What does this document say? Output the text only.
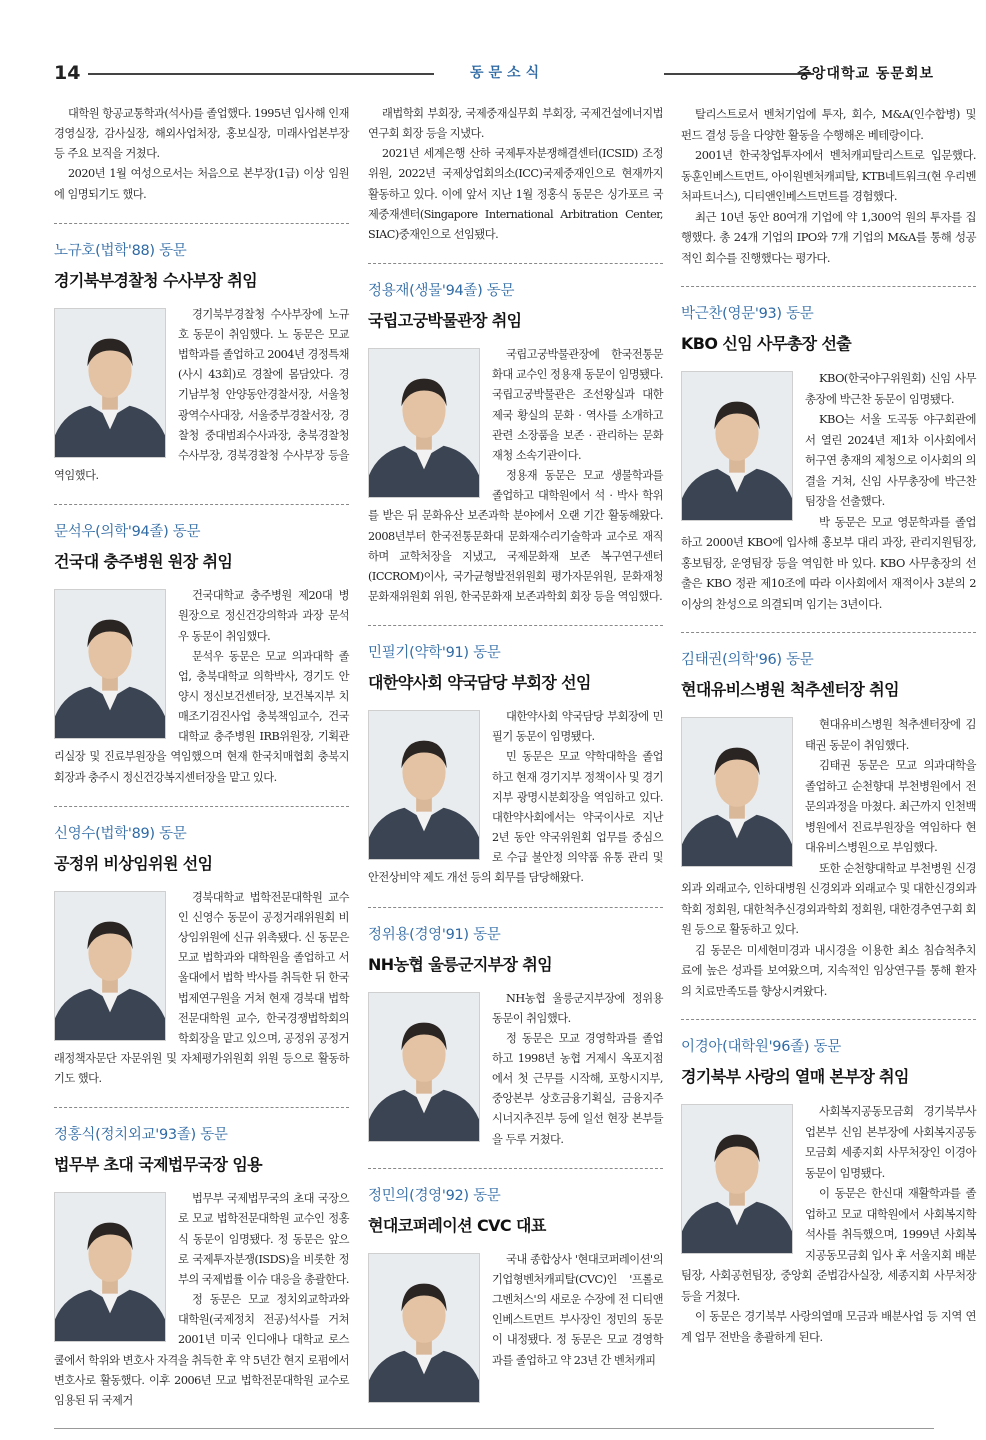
14	동문소식	중앙대학교 동문회보

대학원 항공교통학과(석사)를 졸업했다. 1995년 입사해 인재경영실장, 감사실장, 해외사업처장, 홍보실장, 미래사업본부장 등 주요 보직을 거쳤다.

2020년 1월 여성으로서는 처음으로 본부장(1급) 이상 임원에 임명되기도 했다.

노규호(법학'88) 동문
경기북부경찰청 수사부장 취임

경기북부경찰청 수사부장에 노규호 동문이 취임했다. 노 동문은 모교 법학과를 졸업하고 2004년 경정특채(사시 43회)로 경찰에 몸담았다. 경기남부청 안양동안경찰서장, 서울청 광역수사대장, 서울중부경찰서장, 경찰청 중대범죄수사과장, 충북경찰청 수사부장, 경북경찰청 수사부장 등을 역임했다.

문석우(의학'94졸) 동문
건국대 충주병원 원장 취임

건국대학교 충주병원 제20대 병원장으로 정신건강의학과 과장 문석우 동문이 취임했다.

문석우 동문은 모교 의과대학 졸업, 충북대학교 의학박사, 경기도 안양시 정신보건센터장, 보건복지부 치매조기검진사업 충북책임교수, 건국대학교 충주병원 IRB위원장, 기획관리실장 및 진료부원장을 역임했으며 현재 한국치매협회 충북지회장과 충주시 정신건강복지센터장을 맡고 있다.

신영수(법학'89) 동문
공정위 비상임위원 선임

경북대학교 법학전문대학원 교수인 신영수 동문이 공정거래위원회 비상임위원에 신규 위촉됐다. 신 동문은 모교 법학과와 대학원을 졸업하고 서울대에서 법학 박사를 취득한 뒤 한국법제연구원을 거쳐 현재 경북대 법학전문대학원 교수, 한국경쟁법학회의 학회장을 맡고 있으며, 공정위 공정거래정책자문단 자문위원 및 자체평가위원회 위원 등으로 활동하기도 했다.

정홍식(정치외교'93졸) 동문
법무부 초대 국제법무국장 임용

법무부 국제법무국의 초대 국장으로 모교 법학전문대학원 교수인 정홍식 동문이 임명됐다. 정 동문은 앞으로 국제투자분쟁(ISDS)을 비롯한 정부의 국제법률 이슈 대응을 총괄한다.

정 동문은 모교 정치외교학과와 대학원(국제정치 전공)석사를 거쳐 2001년 미국 인디애나 대학교 로스쿨에서 학위와 변호사 자격을 취득한 후 약 5년간 현지 로펌에서 변호사로 활동했다. 이후 2006년 모교 법학전문대학원 교수로 임용된 뒤 국제거

래법학회 부회장, 국제중재실무회 부회장, 국제건설에너지법연구회 회장 등을 지냈다.

2021년 세계은행 산하 국제투자분쟁해결센터(ICSID) 조정위원, 2022년 국제상업회의소(ICC)국제중재인으로 현재까지 활동하고 있다. 이에 앞서 지난 1월 정홍식 동문은 싱가포르 국제중재센터(Singapore International Arbitration Center, SIAC)중재인으로 선임됐다.

정용재(생물'94졸) 동문
국립고궁박물관장 취임

국립고궁박물관장에 한국전통문화대 교수인 정용재 동문이 임명됐다. 국립고궁박물관은 조선왕실과 대한제국 황실의 문화 · 역사를 소개하고 관련 소장품을 보존 · 관리하는 문화재청 소속기관이다.

정용재 동문은 모교 생물학과를 졸업하고 대학원에서 석 · 박사 학위를 받은 뒤 문화유산 보존과학 분야에서 오랜 기간 활동해왔다. 2008년부터 한국전통문화대 문화재수리기술학과 교수로 재직하며 교학처장을 지냈고, 국제문화재 보존 복구연구센터(ICCROM)이사, 국가균형발전위원회 평가자문위원, 문화재청 문화재위원회 위원, 한국문화재 보존과학회 회장 등을 역임했다.

민필기(약학'91) 동문
대한약사회 약국담당 부회장 선임

대한약사회 약국담당 부회장에 민필기 동문이 임명됐다.

민 동문은 모교 약학대학을 졸업하고 현재 경기지부 정책이사 및 경기지부 광명시분회장을 역임하고 있다. 대한약사회에서는 약국이사로 지난 2년 동안 약국위원회 업무를 중심으로 수급 불안정 의약품 유통 관리 및 안전상비약 제도 개선 등의 회무를 담당해왔다.

정위용(경영'91) 동문
NH농협 울릉군지부장 취임

NH농협 울릉군지부장에 정위용 동문이 취임했다.

정 동문은 모교 경영학과를 졸업하고 1998년 농협 거제시 옥포지점에서 첫 근무를 시작해, 포항시지부, 중앙본부 상호금융기획실, 금융지주 시너지추진부 등에 일선 현장 본부들을 두루 거쳤다.

정민의(경영'92) 동문
현대코퍼레이션 CVC 대표

국내 종합상사 '현대코퍼레이션'의 기업형벤처캐피탈(CVC)인 '프롤로그벤처스'의 새로운 수장에 전 디티앤인베스트먼트 부사장인 정민의 동문이 내정됐다. 정 동문은 모교 경영학과를 졸업하고 약 23년 간 벤처캐피

탈리스트로서 벤처기업에 투자, 회수, M&A(인수합병) 및 펀드 결성 등을 다양한 활동을 수행해온 베테랑이다.

2001년 한국창업투자에서 벤처캐피탈리스트로 입문했다. 동훈인베스트먼트, 아이원벤처캐피탈, KTB네트워크(현 우리벤처파트너스), 디티앤인베스트먼트를 경험했다.

최근 10년 동안 80여개 기업에 약 1,300억 원의 투자를 집행했다. 총 24개 기업의 IPO와 7개 기업의 M&A를 통해 성공적인 회수를 진행했다는 평가다.

박근찬(영문'93) 동문
KBO 신임 사무총장 선출

KBO(한국야구위원회) 신임 사무총장에 박근찬 동문이 임명됐다.

KBO는 서울 도곡동 야구회관에서 열린 2024년 제1차 이사회에서 허구연 총재의 제청으로 이사회의 의결을 거쳐, 신임 사무총장에 박근찬 팀장을 선출했다.

박 동문은 모교 영문학과를 졸업하고 2000년 KBO에 입사해 홍보부 대리 과장, 관리지원팀장, 홍보팀장, 운영팀장 등을 역임한 바 있다. KBO 사무총장의 선출은 KBO 정관 제10조에 따라 이사회에서 재적이사 3분의 2 이상의 찬성으로 의결되며 임기는 3년이다.

김태권(의학'96) 동문
현대유비스병원 척추센터장 취임

현대유비스병원 척추센터장에 김태권 동문이 취임했다.

김태권 동문은 모교 의과대학을 졸업하고 순천향대 부천병원에서 전문의과정을 마쳤다. 최근까지 인천백병원에서 진료부원장을 역임하다 현대유비스병원으로 부임했다.

또한 순천향대학교 부천병원 신경외과 외래교수, 인하대병원 신경외과 외래교수 및 대한신경외과학회 정회원, 대한척추신경외과학회 정회원, 대한경추연구회 회원 등으로 활동하고 있다.

김 동문은 미세현미경과 내시경을 이용한 최소 침습척추치료에 높은 성과를 보여왔으며, 지속적인 임상연구를 통해 환자의 치료만족도를 향상시켜왔다.

이경아(대학원'96졸) 동문
경기북부 사랑의 열매 본부장 취임

사회복지공동모금회 경기북부사업본부 신임 본부장에 사회복지공동모금회 세종지회 사무처장인 이경아 동문이 임명됐다.

이 동문은 한신대 재활학과를 졸업하고 모교 대학원에서 사회복지학 석사를 취득했으며, 1999년 사회복지공동모금회 입사 후 서울지회 배분팀장, 사회공헌팀장, 중앙회 준법감사실장, 세종지회 사무처장 등을 거쳤다.

이 동문은 경기북부 사랑의열매 모금과 배분사업 등 지역 연계 업무 전반을 총괄하게 된다.
